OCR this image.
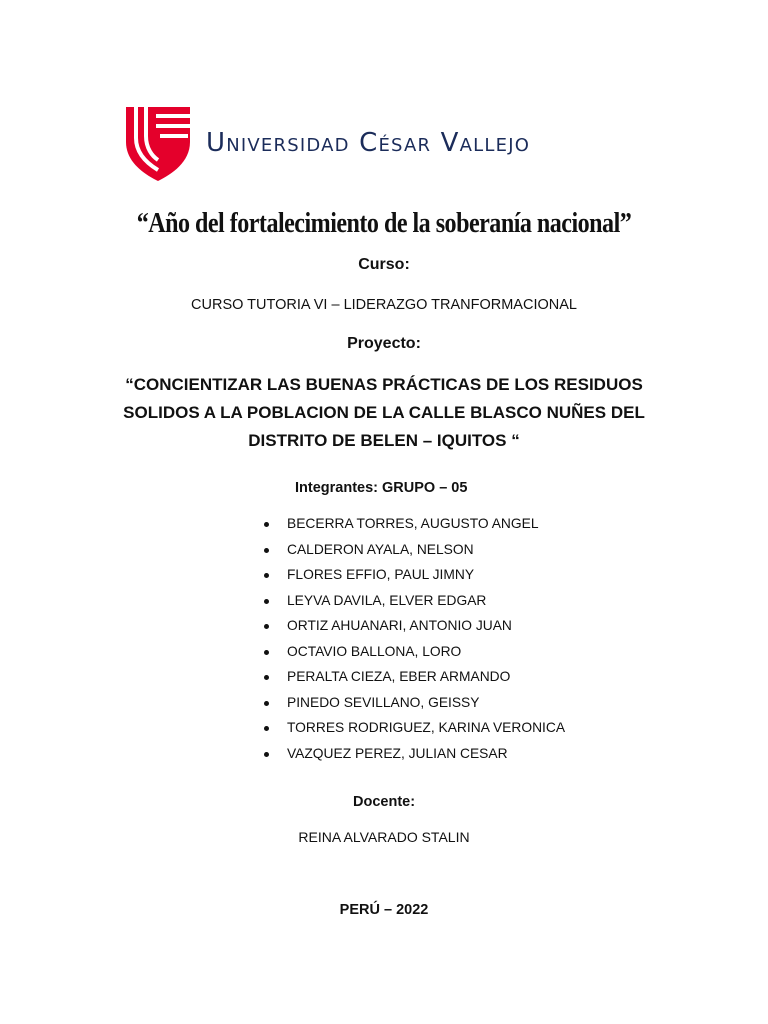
Universidad César Vallejo
“Año del fortalecimiento de la soberanía nacional”
Curso:
CURSO TUTORIA VI – LIDERAZGO TRANFORMACIONAL
Proyecto:
“CONCIENTIZAR LAS BUENAS PRÁCTICAS DE LOS RESIDUOS
SOLIDOS A LA POBLACION DE LA CALLE BLASCO NUÑES DEL
DISTRITO DE BELEN – IQUITOS “
Integrantes: GRUPO – 05
BECERRA TORRES, AUGUSTO ANGEL
CALDERON AYALA, NELSON
FLORES EFFIO, PAUL JIMNY
LEYVA DAVILA, ELVER EDGAR
ORTIZ AHUANARI, ANTONIO JUAN
OCTAVIO BALLONA, LORO
PERALTA CIEZA, EBER ARMANDO
PINEDO SEVILLANO, GEISSY
TORRES RODRIGUEZ, KARINA VERONICA
VAZQUEZ PEREZ, JULIAN CESAR
Docente:
REINA ALVARADO STALIN
PERÚ – 2022
